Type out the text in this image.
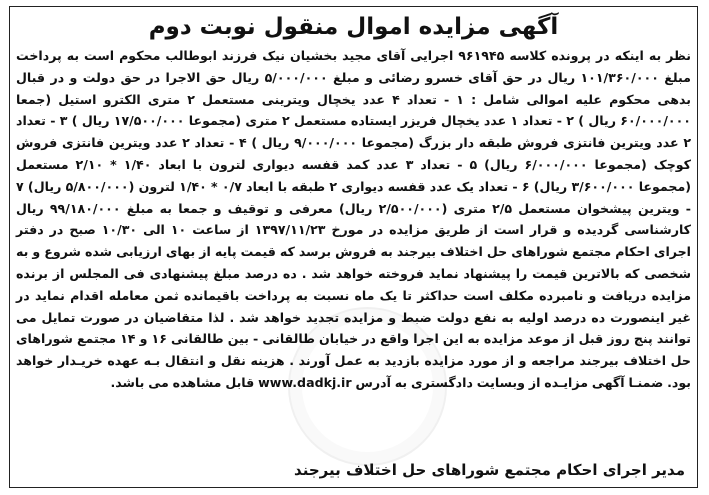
آگهی مزایده اموال منقول نوبت دوم
نظر به اینکه در پرونده کلاسه ۹۶۱۹۴۵ اجرایی آقای مجید بخشیان نیک فرزند ابوطالب محکوم است به پرداخت مبلغ ۱۰۱/۳۶۰/۰۰۰ ریال در حق آقای خسرو رضائی و مبلغ ۵/۰۰۰/۰۰۰ ریال حق الاجرا در حق دولت و در قبال بدهی محکوم علیه اموالی شامل : ۱ - تعداد ۴ عدد یخچال ویترینی مستعمل ۲ متری الکترو استیل (جمعا ۶۰/۰۰۰/۰۰۰ ریال ) ۲ - تعداد ۱ عدد یخچال فریزر ایستاده مستعمل ۲ متری (مجموعا ۱۷/۵۰۰/۰۰۰ ریال ) ۳ - تعداد ۲ عدد ویترین فانتزی فروش طبقه دار بزرگ (مجموعا ۹/۰۰۰/۰۰۰ ریال ) ۴ - تعداد ۲ عدد ویترین فانتزی فروش کوچک (مجموعا ۶/۰۰۰/۰۰۰ ریال) ۵ - تعداد ۳ عدد کمد قفسه دیواری لترون با ابعاد ۱/۴۰ * ۲/۱۰ مستعمل (مجموعا ۳/۶۰۰/۰۰۰ ریال) ۶ - تعداد یک عدد قفسه دیواری ۲ طبقه با ابعاد ۰/۷ * ۱/۴۰ لترون (۵/۸۰۰/۰۰۰ ریال) ۷ - ویترین پیشخوان مستعمل ۲/۵ متری (۲/۵۰۰/۰۰۰ ریال) معرفی و توقیف و جمعا به مبلغ ۹۹/۱۸۰/۰۰۰ ریال کارشناسی گردیده و قرار است از طریق مزایده در مورخ ۱۳۹۷/۱۱/۲۳ از ساعت ۱۰ الی ۱۰/۳۰ صبح در دفتر اجرای احکام مجتمع شوراهای حل اختلاف بیرجند به فروش برسد که قیمت پایه از بهای ارزیابی شده شروع و به شخصی که بالاترین قیمت را پیشنهاد نماید فروخته خواهد شد . ده درصد مبلغ پیشنهادی فی المجلس از برنده مزایده دریافت و نامبرده مکلف است حداکثر تا یک ماه نسبت به پرداخت باقیمانده ثمن معامله اقدام نماید در غیر اینصورت ده درصد اولیه به نفع دولت ضبط و مزایده تجدید خواهد شد . لذا متقاضیان در صورت تمایل می توانند پنج روز قبل از موعد مزایده به این اجرا واقع در خیابان طالقانی - بین طالقانی ۱۶ و ۱۴ مجتمع شوراهای حل اختلاف بیرجند مراجعه و از مورد مزایده بازدید به عمل آورند . هزینه نقل و انتقال بـه عهده خریـدار خواهد بود. ضمنـا آگهی مزایـده از وبسایت دادگستری به آدرس www.dadkj.ir قابل مشاهده می باشد.
مدیر اجرای احکام مجتمع شوراهای حل اختلاف بیرجند
